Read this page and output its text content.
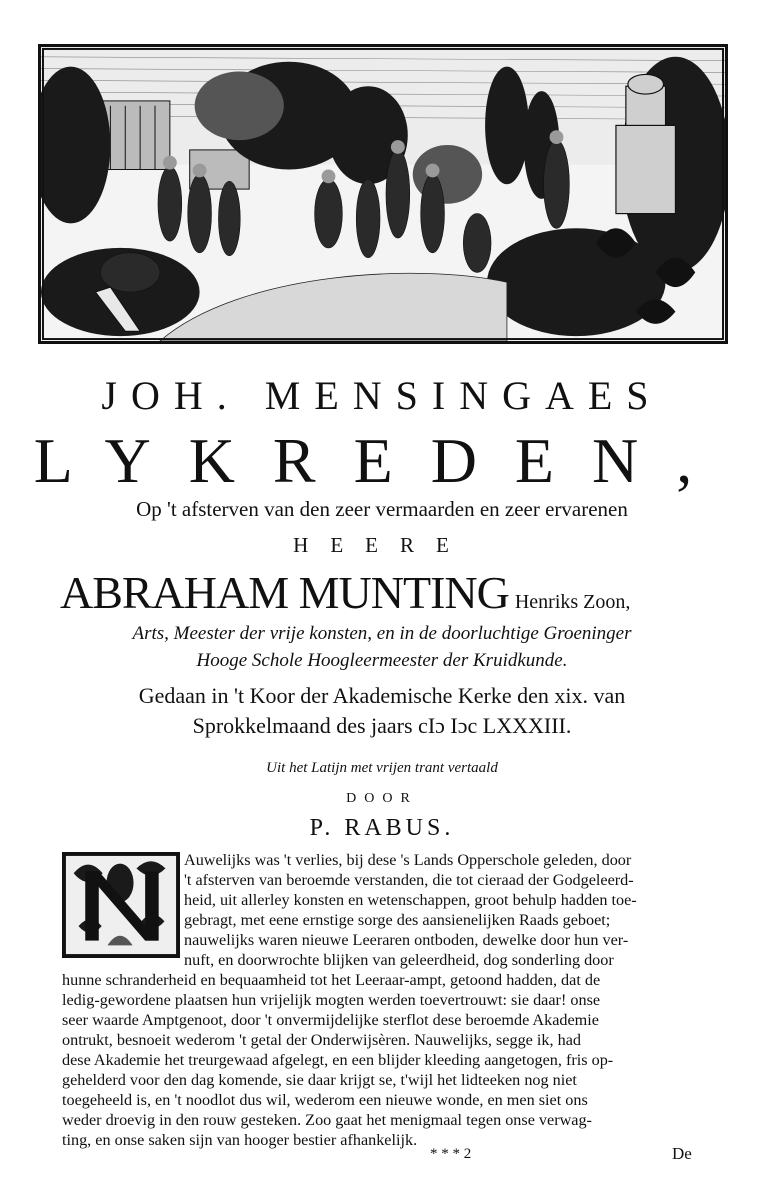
JOH. MENSINGAES
LYKREDEN,
Op 't afsterven van den zeer vermaarden en zeer ervarenen
HEERE
ABRAHAM MUNTING Henriks Zoon,
Arts, Meester der vrije konsten, en in de doorluchtige Groeninger
Hooge Schole Hoogleermeester der Kruidkunde.
Gedaan in 't Koor der Akademische Kerke den xix. van
Sprokkelmaand des jaars cIɔ Iɔc LXXXIII.
Uit het Latijn met vrijen trant vertaald
DOOR
P. RABUS.
Auwelijks was 't verlies, bij dese 's Lands Opperschole geleden, door
't afsterven van beroemde verstanden, die tot cieraad der Godgeleerd-
heid, uit allerley konsten en wetenschappen, groot behulp hadden toe-
gebragt, met eene ernstige sorge des aansienelijken Raads geboet;
nauwelijks waren nieuwe Leeraren ontboden, dewelke door hun ver-
nuft, en doorwrochte blijken van geleerdheid, dog sonderling door
hunne schranderheid en bequaamheid tot het Leeraar-ampt, getoond hadden, dat de
ledig-gewordene plaatsen hun vrijelijk mogten werden toevertrouwt: sie daar! onse
seer waarde Amptgenoot, door 't onvermijdelijke sterflot dese beroemde Akademie
ontrukt, besnoeit wederom 't getal der Onderwijsèren. Nauwelijks, segge ik, had
dese Akademie het treurgewaad afgelegt, en een blijder kleeding aangetogen, fris op-
gehelderd voor den dag komende, sie daar krijgt se, t'wijl het lidteeken nog niet
toegeheeld is, en 't noodlot dus wil, wederom een nieuwe wonde, en men siet ons
weder droevig in den rouw gesteken. Zoo gaat het menigmaal tegen onse verwag-
ting, en onse saken sijn van hooger bestier afhankelijk.
* * * 2	De
